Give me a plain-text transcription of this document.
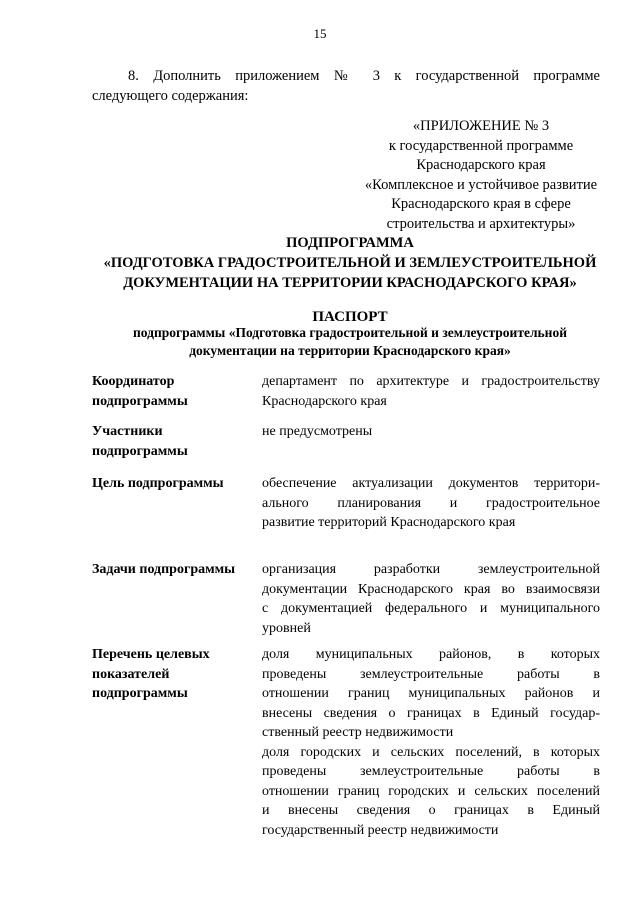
15
8. Дополнить приложением № 3 к государственной программе
следующего содержания:
«ПРИЛОЖЕНИЕ № 3
к государственной программе
Краснодарского края
«Комплексное и устойчивое развитие
Краснодарского края в сфере
строительства и архитектуры»
ПОДПРОГРАММА
«ПОДГОТОВКА ГРАДОСТРОИТЕЛЬНОЙ И ЗЕМЛЕУСТРОИТЕЛЬНОЙ
ДОКУМЕНТАЦИИ НА ТЕРРИТОРИИ КРАСНОДАРСКОГО КРАЯ»
ПАСПОРТ
подпрограммы «Подготовка градостроительной и землеустроительной
документации на территории Краснодарского края»
Координатор
подпрограммы
департамент по архитектуре и градостроительству
Краснодарского края
Участники
подпрограммы
не предусмотрены
Цель подпрограммы	обеспечение актуализации документов территори-
ального планирования и градостроительное
развитие территорий Краснодарского края
Задачи подпрограммы	организация разработки землеустроительной
документации Краснодарского края во взаимосвязи
с документацией федерального и муниципального
уровней
Перечень целевых
показателей
подпрограммы
доля муниципальных районов, в которых
проведены землеустроительные работы в
отношении границ муниципальных районов и
внесены сведения о границах в Единый государ-
ственный реестр недвижимости
доля городских и сельских поселений, в которых
проведены землеустроительные работы в
отношении границ городских и сельских поселений
и внесены сведения о границах в Единый
государственный реестр недвижимости
